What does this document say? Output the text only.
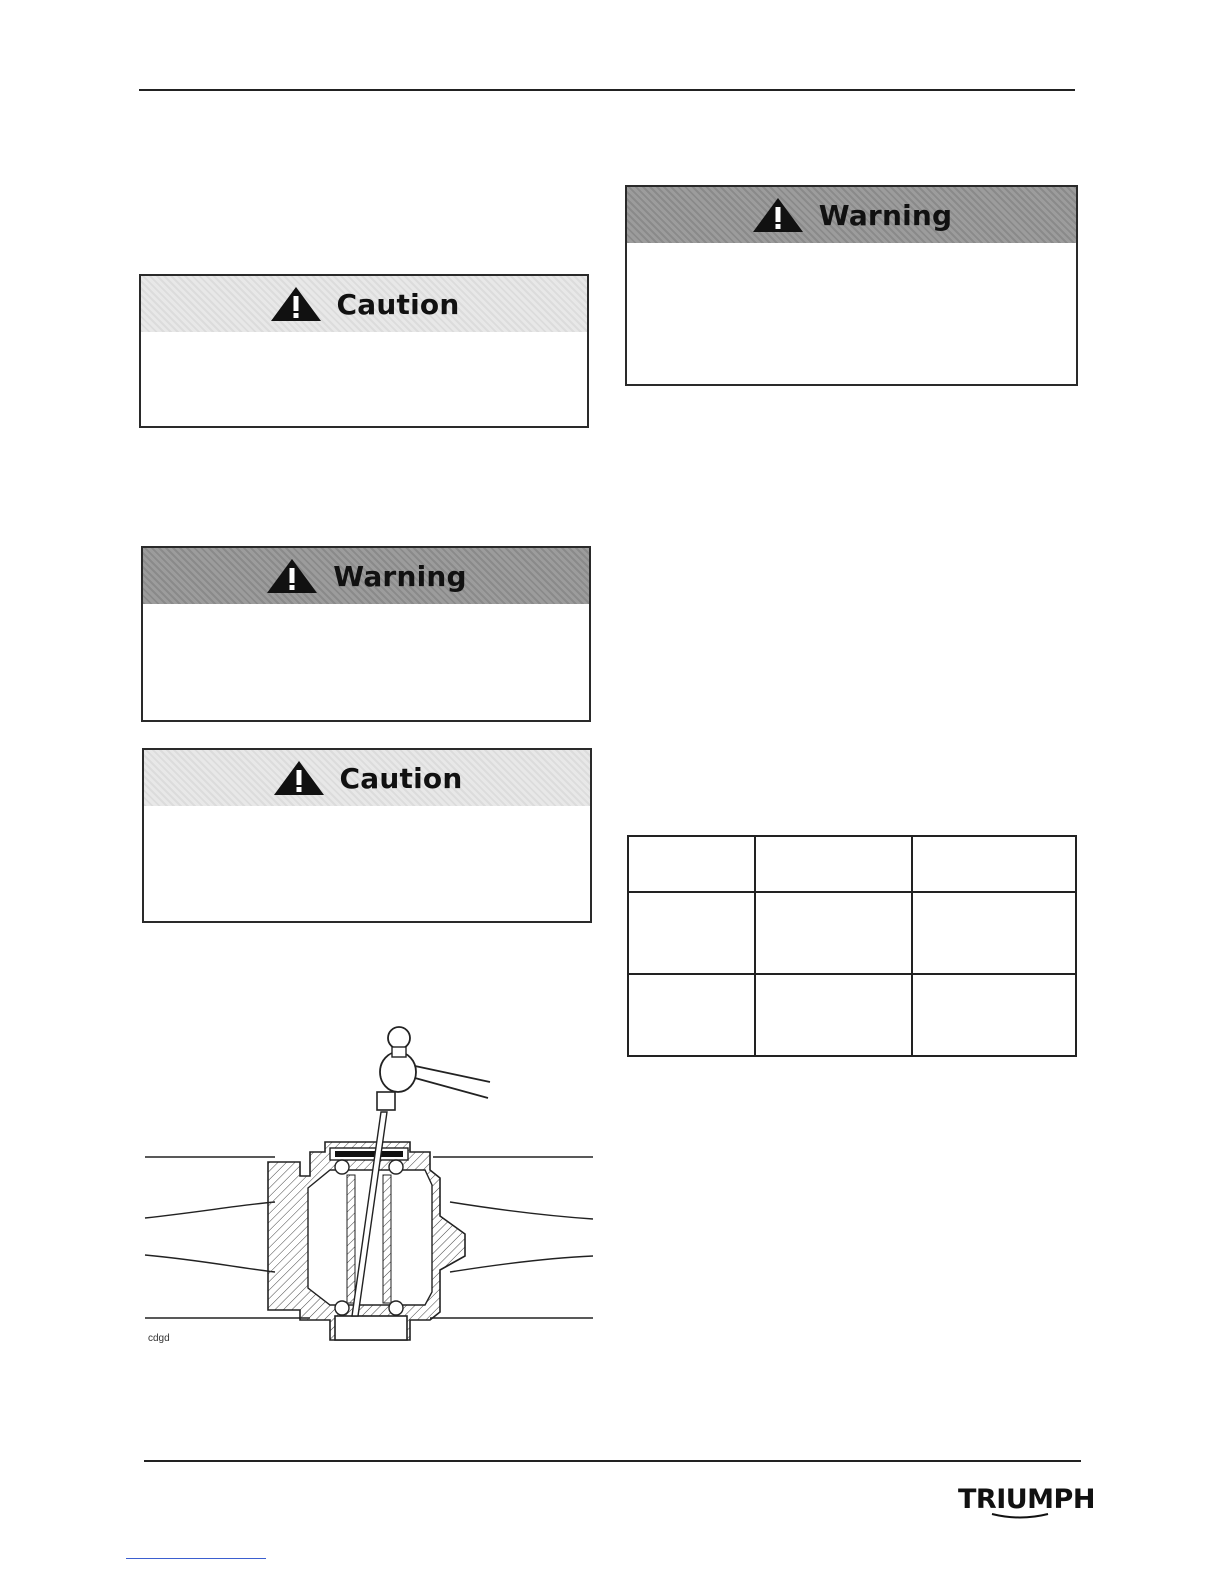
Caution
Warning
Caution
Warning

cdgd
TRIUMPH
